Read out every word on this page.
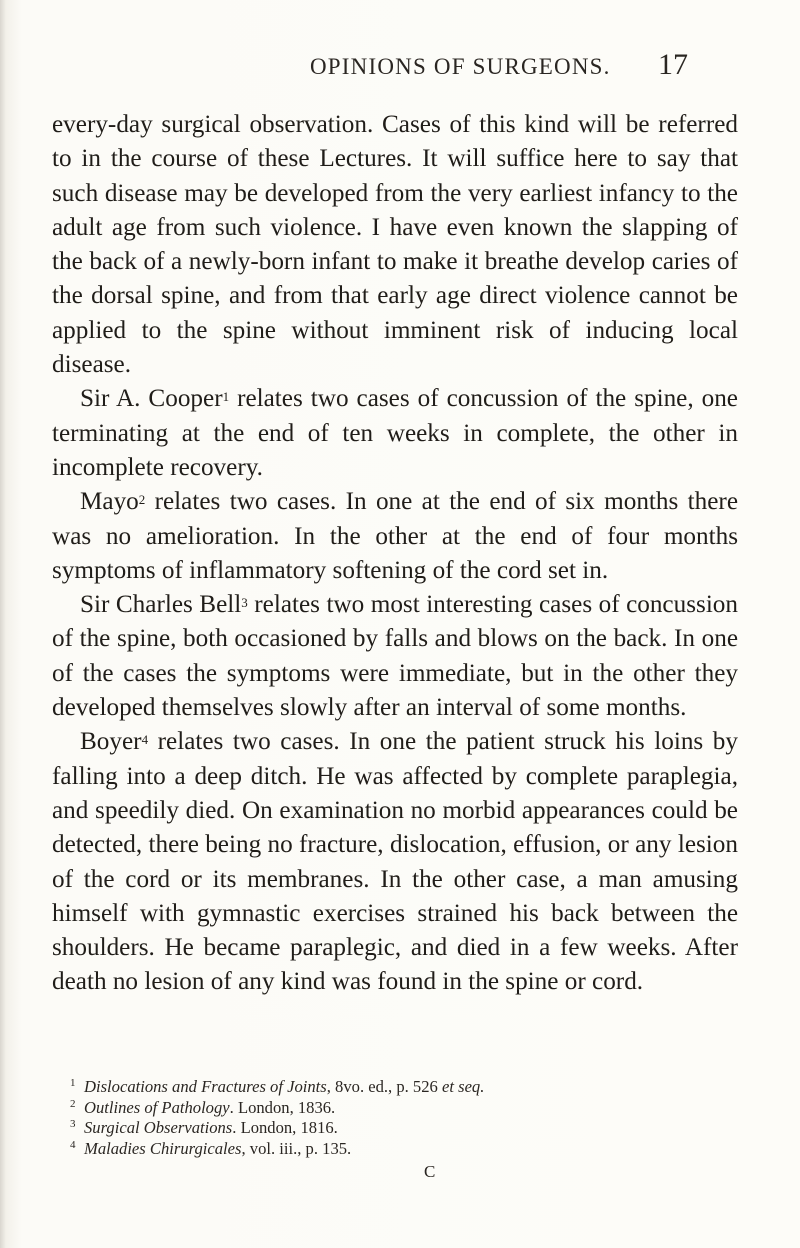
OPINIONS OF SURGEONS. 17

every-day surgical observation. Cases of this kind will be referred to in the course of these Lectures. It will suffice here to say that such disease may be developed from the very earliest infancy to the adult age from such violence. I have even known the slapping of the back of a newly-born infant to make it breathe develop caries of the dorsal spine, and from that early age direct violence cannot be applied to the spine without imminent risk of inducing local disease.

Sir A. Cooper$^1$ relates two cases of concussion of the spine, one terminating at the end of ten weeks in complete, the other in incomplete recovery.

Mayo$^2$ relates two cases. In one at the end of six months there was no amelioration. In the other at the end of four months symptoms of inflammatory softening of the cord set in.

Sir Charles Bell$^3$ relates two most interesting cases of concussion of the spine, both occasioned by falls and blows on the back. In one of the cases the symptoms were immediate, but in the other they developed themselves slowly after an interval of some months.

Boyer$^4$ relates two cases. In one the patient struck his loins by falling into a deep ditch. He was affected by complete paraplegia, and speedily died. On examination no morbid appearances could be detected, there being no fracture, dislocation, effusion, or any lesion of the cord or its membranes. In the other case, a man amusing himself with gymnastic exercises strained his back between the shoulders. He became paraplegic, and died in a few weeks. After death no lesion of any kind was found in the spine or cord.

1 Dislocations and Fractures of Joints, 8vo. ed., p. 526 et seq.
2 Outlines of Pathology. London, 1836.
3 Surgical Observations. London, 1816.
4 Maladies Chirurgicales, vol. iii., p. 135.
C
